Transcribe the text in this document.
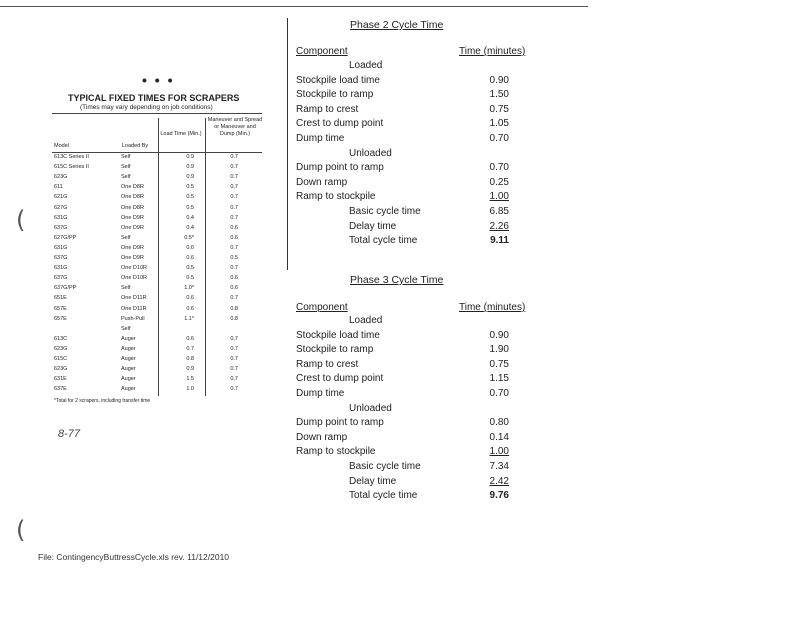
• • •
TYPICAL FIXED TIMES FOR SCRAPERS
(Times may vary depending on job conditions)
Model	Loaded By
Load Time (Min.)
Maneuver and Spread or Maneuver and Dump (Min.)
613C Series II	Self	0.9	0.7
615C Series II	Self	0.9	0.7
623G	Self	0.9	0.7
611	One D8R	0.5	0.7
621G	One D8R	0.5	0.7
627G	One D8R	0.5	0.7
631G	One D9R	0.4	0.7
637G	One D9R	0.4	0.6
627G/PP	Self	0.5*	0.6
631G	One D9R	0.6	0.7
637G	One D9R	0.6	0.5
631G	One D10R	0.5	0.7
637G	One D10R	0.5	0.6
637G/PP	Self	1.0*	0.6
651E	One D11R	0.6	0.7
657E	One D11R	0.6	0.8
657E	Push-Pull	1.1*	0.8
Self
613C	Auger	0.6	0.7
623G	Auger	0.7	0.7
615C	Auger	0.8	0.7
623G	Auger	0.9	0.7
631E	Auger	1.5	0.7
637E	Auger	1.0	0.7
*Total for 2 scrapers, including transfer time
8-77
(
(
File: ContingencyButtressCycle.xls rev. 11/12/2010
Phase 2 Cycle Time
Component	Time (minutes)
Loaded
Stockpile load time	0.90
Stockpile to ramp	1.50
Ramp to crest	0.75
Crest to dump point	1.05
Dump time	0.70
Unloaded
Dump point to ramp	0.70
Down ramp	0.25
Ramp to stockpile	1.00
Basic cycle time	6.85
Delay time	2.26
Total cycle time	9.11
Phase 3 Cycle Time
Component	Time (minutes)
Loaded
Stockpile load time	0.90
Stockpile to ramp	1.90
Ramp to crest	0.75
Crest to dump point	1.15
Dump time	0.70
Unloaded
Dump point to ramp	0.80
Down ramp	0.14
Ramp to stockpile	1.00
Basic cycle time	7.34
Delay time	2.42
Total cycle time	9.76
